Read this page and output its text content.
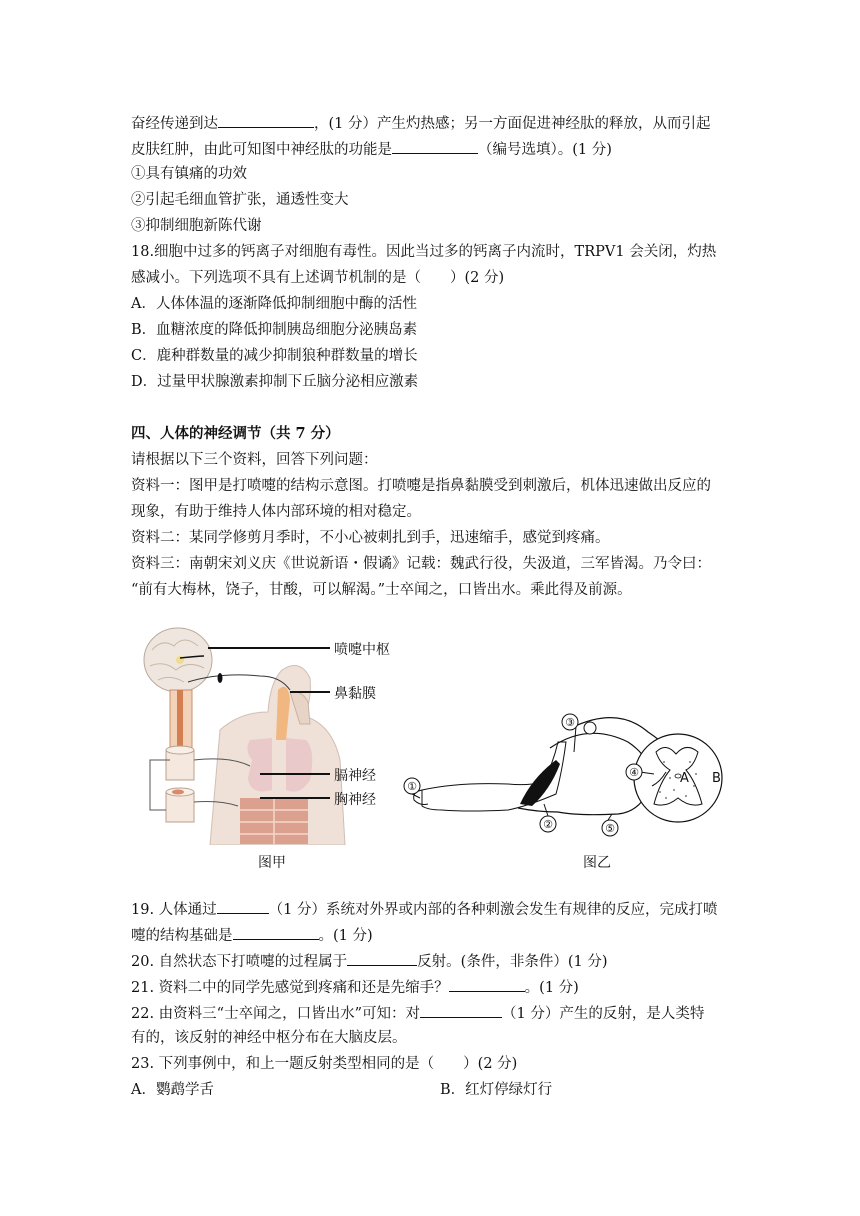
奋经传递到达	，(1 分）产生灼热感；另一方面促进神经肽的释放，从而引起
皮肤红肿，由此可知图中神经肽的功能是	（编号选填）。(1 分)
①具有镇痛的功效
②引起毛细血管扩张，通透性变大
③抑制细胞新陈代谢
18.细胞中过多的钙离子对细胞有毒性。因此当过多的钙离子内流时，TRPV1 会关闭，灼热
感减小。下列选项不具有上述调节机制的是（　　）(2 分)
A．人体体温的逐渐降低抑制细胞中酶的活性
B．血糖浓度的降低抑制胰岛细胞分泌胰岛素
C．鹿种群数量的减少抑制狼种群数量的增长
D．过量甲状腺激素抑制下丘脑分泌相应激素
四、人体的神经调节（共 7 分）
请根据以下三个资料，回答下列问题：
资料一：图甲是打喷嚏的结构示意图。打喷嚏是指鼻黏膜受到刺激后，机体迅速做出反应的
现象，有助于维持人体内部环境的相对稳定。
资料二：某同学修剪月季时，不小心被刺扎到手，迅速缩手，感觉到疼痛。
资料三：南朝宋刘义庆《世说新语・假谲》记载：魏武行役，失汲道，三军皆渴。乃令曰：
“前有大梅林，饶子，甘酸，可以解渴。”士卒闻之，口皆出水。乘此得及前源。
喷嚏中枢
鼻黏膜
膈神经
胸神经
图甲
①
②
③
④
⑤
A B
图乙
19. 人体通过	（1 分）系统对外界或内部的各种刺激会发生有规律的反应，完成打喷
嚏的结构基础是	。(1 分)
20. 自然状态下打喷嚏的过程属于	反射。(条件，非条件）(1 分)
21. 资料二中的同学先感觉到疼痛和还是先缩手？	。(1 分)
22. 由资料三“士卒闻之，口皆出水”可知：对	（1 分）产生的反射，是人类特
有的，该反射的神经中枢分布在大脑皮层。
23. 下列事例中，和上一题反射类型相同的是（　　）(2 分)
A．鹦鹉学舌	B．红灯停绿灯行
